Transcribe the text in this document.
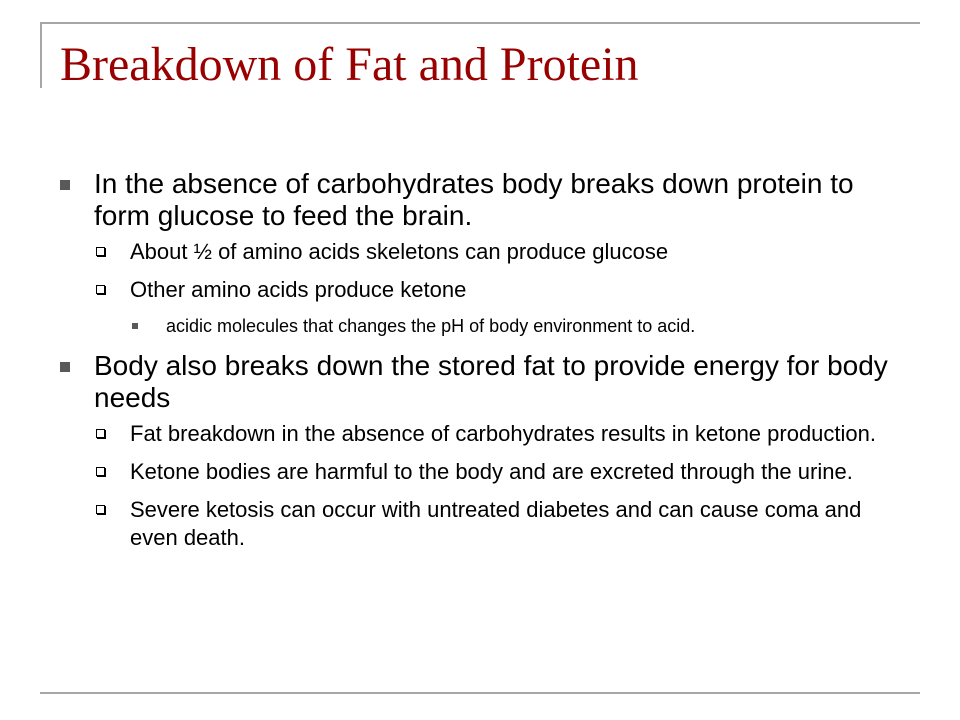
Breakdown of Fat and Protein
In the absence of carbohydrates body breaks down protein to form glucose to feed the brain.
About ½ of amino acids skeletons can produce glucose
Other amino acids produce ketone
acidic molecules that changes the pH of body environment to acid.
Body also breaks down the stored fat to provide energy for body needs
Fat breakdown in the absence of carbohydrates results in ketone production.
Ketone bodies are harmful to the body and are excreted through the urine.
Severe ketosis can occur with untreated diabetes and can cause coma and even death.
